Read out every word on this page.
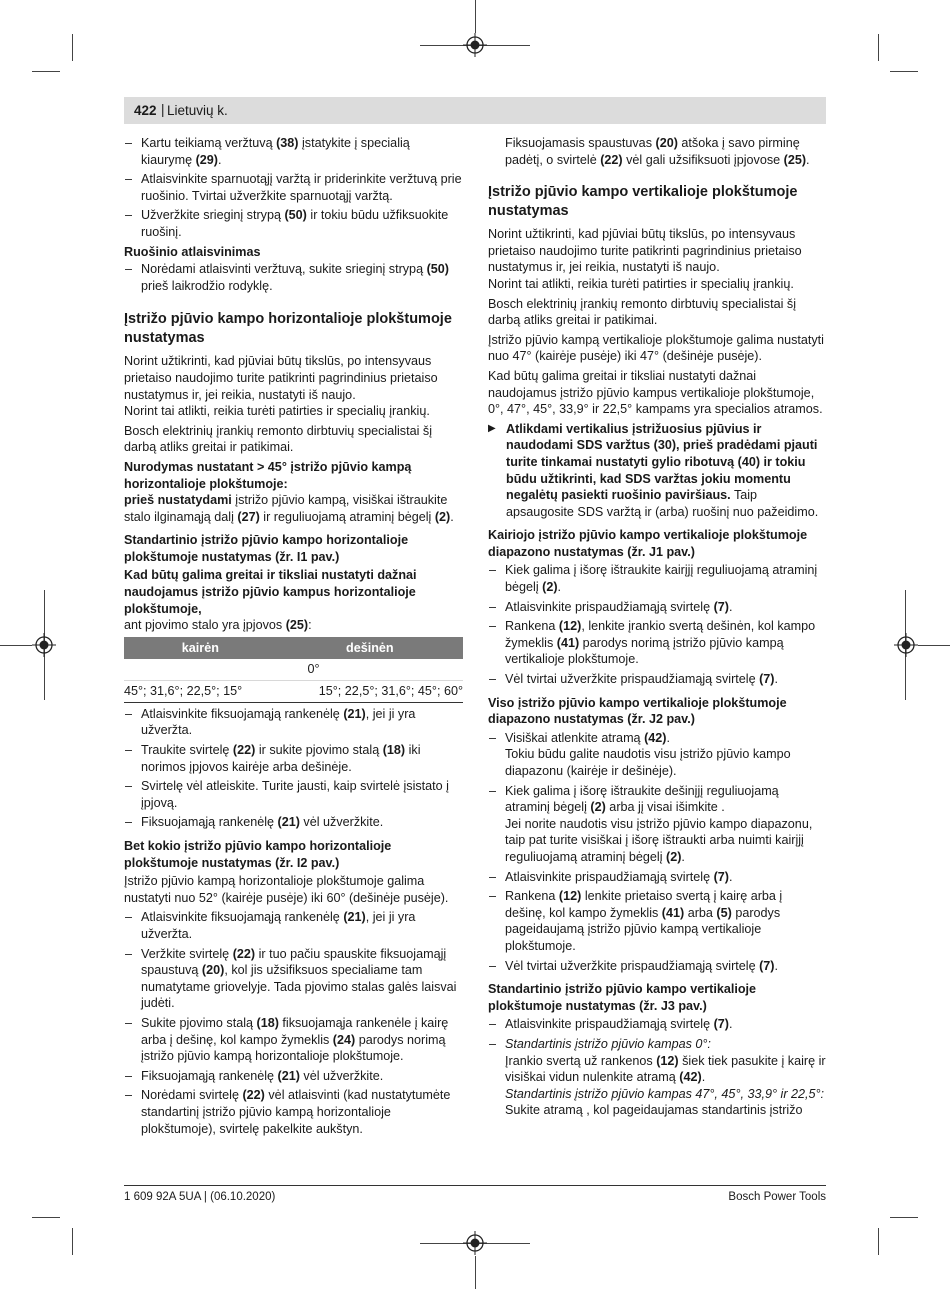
422 | Lietuvių k.
– Kartu teikiamą veržtuvą (38) įstatykite į specialią kiaurymę (29).
– Atlaisvinkite sparnuotąjį varžtą ir priderinkite veržtuvą prie ruošinio. Tvirtai užveržkite sparnuotąjį varžtą.
– Užveržkite srieginį strypą (50) ir tokiu būdu užfiksuokite ruošinį.
Ruošinio atlaisvinimas
– Norėdami atlaisvinti veržtuvą, sukite srieginį strypą (50) prieš laikrodžio rodyklę.
Įstrižo pjūvio kampo horizontalioje plokštumoje nustatymas

Norint užtikrinti, kad pjūviai būtų tikslūs, po intensyvaus prietaiso naudojimo turite patikrinti pagrindinius prietaiso nustatymus ir, jei reikia, nustatyti iš naujo.

Norint tai atlikti, reikia turėti patirties ir specialių įrankių.

Bosch elektrinių įrankių remonto dirbtuvių specialistai šį darbą atliks greitai ir patikimai.

Nurodymas nustatant > 45° įstrižo pjūvio kampą horizontalioje plokštumoje:

prieš nustatydami įstrižo pjūvio kampą, visiškai ištraukite stalo ilginamąją dalį (27) ir reguliuojamą atraminį bėgelį (2).

Standartinio įstrižo pjūvio kampo horizontalioje plokštumoje nustatymas (žr. I1 pav.)

Kad būtų galima greitai ir tiksliai nustatyti dažnai naudojamus įstrižo pjūvio kampus horizontalioje plokštumoje,
ant pjovimo stalo yra įpjovos (25):

kairėn	dešinėn
0°	
45°; 31,6°; 22,5°; 15°	15°; 22,5°; 31,6°; 45°; 60°
– Atlaisvinkite fiksuojamąją rankenėlę (21), jei ji yra užveržta.
– Traukite svirtelę (22) ir sukite pjovimo stalą (18) iki norimos įpjovos kairėje arba dešinėje.
– Svirtelę vėl atleiskite. Turite jausti, kaip svirtelė įsistato į įpjovą.
– Fiksuojamąją rankenėlę (21) vėl užveržkite.
Bet kokio įstrižo pjūvio kampo horizontalioje plokštumoje nustatymas (žr. I2 pav.)

Įstrižo pjūvio kampą horizontalioje plokštumoje galima nustatyti nuo 52° (kairėje pusėje) iki 60° (dešinėje pusėje).

– Atlaisvinkite fiksuojamąją rankenėlę (21), jei ji yra užveržta.
– Veržkite svirtelę (22) ir tuo pačiu spauskite fiksuojamąjį spaustuvą (20), kol jis užsifiksuos specialiame tam numatytame griovelyje. Tada pjovimo stalas galės laisvai judėti.
– Sukite pjovimo stalą (18) fiksuojamąja rankenėle į kairę arba į dešinę, kol kampo žymeklis (24) parodys norimą įstrižo pjūvio kampą horizontalioje plokštumoje.
– Fiksuojamąją rankenėlę (21) vėl užveržkite.
– Norėdami svirtelę (22) vėl atlaisvinti (kad nustatytumėte standartinį įstrižo pjūvio kampą horizontalioje plokštumoje), svirtelę pakelkite aukštyn.

Fiksuojamasis spaustuvas (20) atšoka į savo pirminę padėtį, o svirtelė (22) vėl gali užsifiksuoti įpjovose (25).

Įstrižo pjūvio kampo vertikalioje plokštumoje nustatymas

Norint užtikrinti, kad pjūviai būtų tikslūs, po intensyvaus prietaiso naudojimo turite patikrinti pagrindinius prietaiso nustatymus ir, jei reikia, nustatyti iš naujo.

Norint tai atlikti, reikia turėti patirties ir specialių įrankių.

Bosch elektrinių įrankių remonto dirbtuvių specialistai šį darbą atliks greitai ir patikimai.

Įstrižo pjūvio kampą vertikalioje plokštumoje galima nustatyti nuo 47° (kairėje pusėje) iki 47° (dešinėje pusėje).

Kad būtų galima greitai ir tiksliai nustatyti dažnai naudojamus įstrižo pjūvio kampus vertikalioje plokštumoje, 0°, 47°, 45°, 33,9° ir 22,5° kampams yra specialios atramos.

▶ Atlikdami vertikalius įstrižuosius pjūvius ir naudodami SDS varžtus (30), prieš pradėdami pjauti turite tinkamai nustatyti gylio ribotuvą (40) ir tokiu būdu užtikrinti, kad SDS varžtas jokiu momentu negalėtų pasiekti ruošinio paviršiaus. Taip apsaugosite SDS varžtą ir (arba) ruošinį nuo pažeidimo.
Kairiojo įstrižo pjūvio kampo vertikalioje plokštumoje diapazono nustatymas (žr. J1 pav.)
– Kiek galima į išorę ištraukite kairįjį reguliuojamą atraminį bėgelį (2).
– Atlaisvinkite prispaudžiamąją svirtelę (7).
– Rankena (12), lenkite įrankio svertą dešinėn, kol kampo žymeklis (41) parodys norimą įstrižo pjūvio kampą vertikalioje plokštumoje.
– Vėl tvirtai užveržkite prispaudžiamąją svirtelę (7).
Viso įstrižo pjūvio kampo vertikalioje plokštumoje diapazono nustatymas (žr. J2 pav.)
– Visiškai atlenkite atramą (42).

Tokiu būdu galite naudotis visu įstrižo pjūvio kampo diapazonu (kairėje ir dešinėje).

– Kiek galima į išorę ištraukite dešinįjį reguliuojamą atraminį bėgelį (2) arba jį visai išimkite .

Jei norite naudotis visu įstrižo pjūvio kampo diapazonu, taip pat turite visiškai į išorę ištraukti arba nuimti kairįjį reguliuojamą atraminį bėgelį (2).

– Atlaisvinkite prispaudžiamąją svirtelę (7).
– Rankena (12) lenkite prietaiso svertą į kairę arba į dešinę, kol kampo žymeklis (41) arba (5) parodys pageidaujamą įstrižo pjūvio kampą vertikalioje plokštumoje.
– Vėl tvirtai užveržkite prispaudžiamąją svirtelę (7).
Standartinio įstrižo pjūvio kampo vertikalioje plokštumoje nustatymas (žr. J3 pav.)
– Atlaisvinkite prispaudžiamąją svirtelę (7).
– Standartinis įstrižo pjūvio kampas 0°:

Įrankio svertą už rankenos (12) šiek tiek pasukite į kairę ir visiškai vidun nulenkite atramą (42).

Standartinis įstrižo pjūvio kampas 47°, 45°, 33,9° ir 22,5°:

Sukite atramą , kol pageidaujamas standartinis įstrižo

1 609 92A 5UA | (06.10.2020)	Bosch Power Tools
